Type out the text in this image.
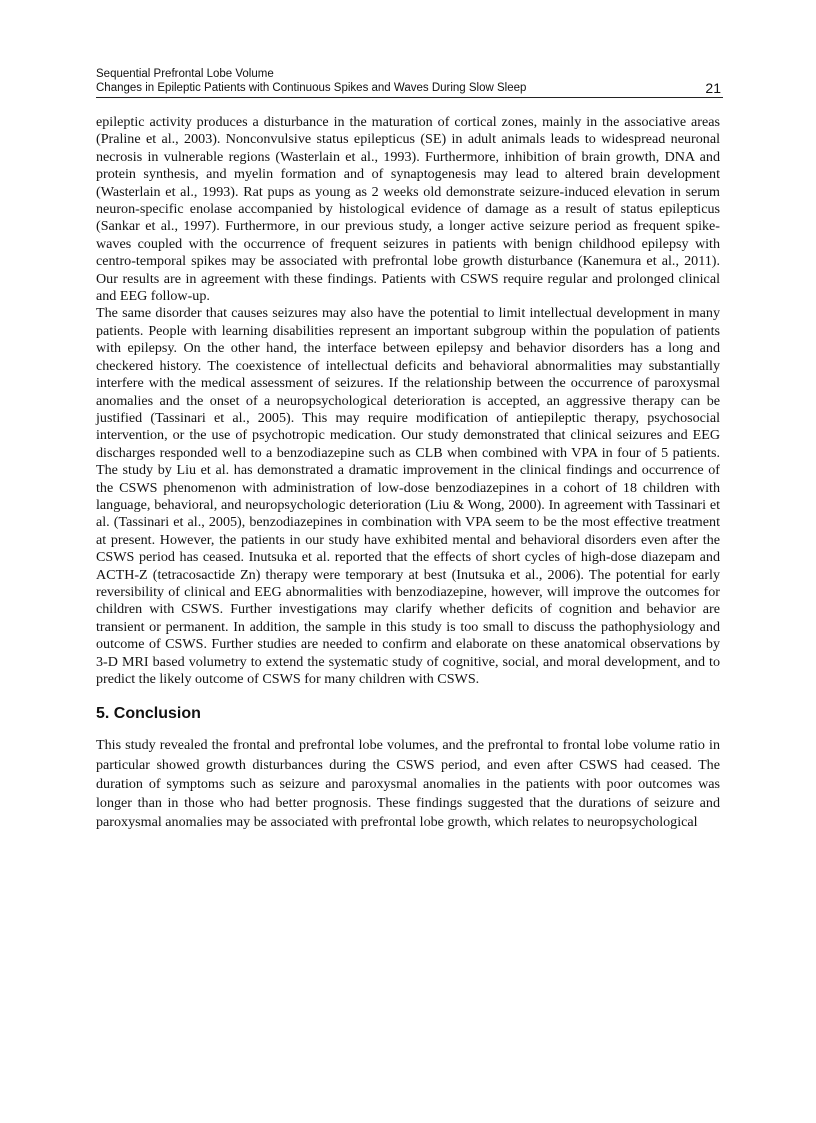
Sequential Prefrontal Lobe Volume
Changes in Epileptic Patients with Continuous Spikes and Waves During Slow Sleep	21

epileptic activity produces a disturbance in the maturation of cortical zones, mainly in the associative areas (Praline et al., 2003). Nonconvulsive status epilepticus (SE) in adult animals leads to widespread neuronal necrosis in vulnerable regions (Wasterlain et al., 1993). Furthermore, inhibition of brain growth, DNA and protein synthesis, and myelin formation and of synaptogenesis may lead to altered brain development (Wasterlain et al., 1993). Rat pups as young as 2 weeks old demonstrate seizure-induced elevation in serum neuron-specific enolase accompanied by histological evidence of damage as a result of status epilepticus (Sankar et al., 1997). Furthermore, in our previous study, a longer active seizure period as frequent spike-waves coupled with the occurrence of frequent seizures in patients with benign childhood epilepsy with centro-temporal spikes may be associated with prefrontal lobe growth disturbance (Kanemura et al., 2011). Our results are in agreement with these findings. Patients with CSWS require regular and prolonged clinical and EEG follow-up.

The same disorder that causes seizures may also have the potential to limit intellectual development in many patients. People with learning disabilities represent an important subgroup within the population of patients with epilepsy. On the other hand, the interface between epilepsy and behavior disorders has a long and checkered history. The coexistence of intellectual deficits and behavioral abnormalities may substantially interfere with the medical assessment of seizures. If the relationship between the occurrence of paroxysmal anomalies and the onset of a neuropsychological deterioration is accepted, an aggressive therapy can be justified (Tassinari et al., 2005). This may require modification of antiepileptic therapy, psychosocial intervention, or the use of psychotropic medication. Our study demonstrated that clinical seizures and EEG discharges responded well to a benzodiazepine such as CLB when combined with VPA in four of 5 patients. The study by Liu et al. has demonstrated a dramatic improvement in the clinical findings and occurrence of the CSWS phenomenon with administration of low-dose benzodiazepines in a cohort of 18 children with language, behavioral, and neuropsychologic deterioration (Liu & Wong, 2000). In agreement with Tassinari et al. (Tassinari et al., 2005), benzodiazepines in combination with VPA seem to be the most effective treatment at present. However, the patients in our study have exhibited mental and behavioral disorders even after the CSWS period has ceased. Inutsuka et al. reported that the effects of short cycles of high-dose diazepam and ACTH-Z (tetracosactide Zn) therapy were temporary at best (Inutsuka et al., 2006). The potential for early reversibility of clinical and EEG abnormalities with benzodiazepine, however, will improve the outcomes for children with CSWS. Further investigations may clarify whether deficits of cognition and behavior are transient or permanent. In addition, the sample in this study is too small to discuss the pathophysiology and outcome of CSWS. Further studies are needed to confirm and elaborate on these anatomical observations by 3-D MRI based volumetry to extend the systematic study of cognitive, social, and moral development, and to predict the likely outcome of CSWS for many children with CSWS.

5. Conclusion

This study revealed the frontal and prefrontal lobe volumes, and the prefrontal to frontal lobe volume ratio in particular showed growth disturbances during the CSWS period, and even after CSWS had ceased. The duration of symptoms such as seizure and paroxysmal anomalies in the patients with poor outcomes was longer than in those who had better prognosis. These findings suggested that the durations of seizure and paroxysmal anomalies may be associated with prefrontal lobe growth, which relates to neuropsychological
